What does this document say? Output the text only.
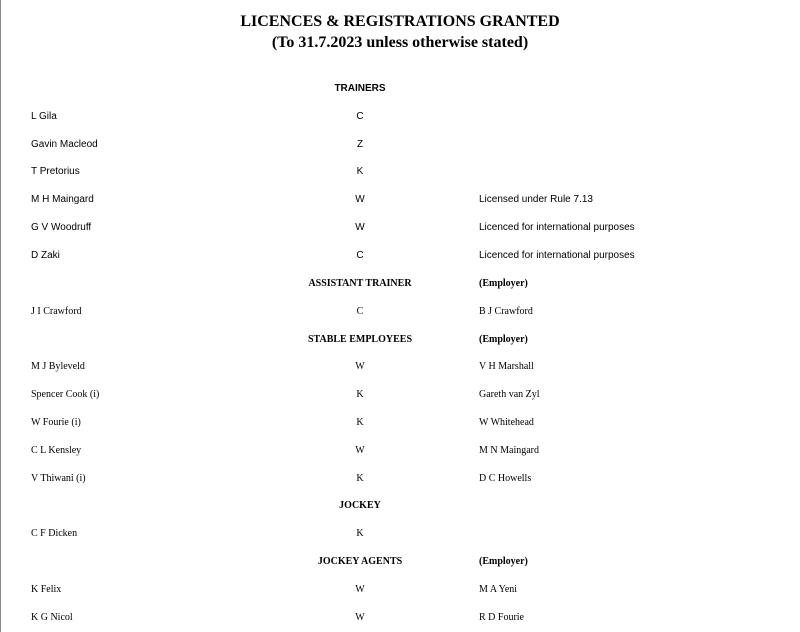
LICENCES & REGISTRATIONS GRANTED
(To 31.7.2023 unless otherwise stated)
TRAINERS
L Gila	C
Gavin Macleod	Z
T Pretorius	K
M H Maingard	W	Licensed under Rule 7.13
G V Woodruff	W	Licenced for international purposes
D Zaki	C	Licenced for international purposes
ASSISTANT TRAINER	(Employer)
J I Crawford	C	B J Crawford
STABLE EMPLOYEES	(Employer)
M J Byleveld	W	V H Marshall
Spencer Cook (i)	K	Gareth van Zyl
W Fourie (i)	K	W Whitehead
C L Kensley	W	M N Maingard
V Thiwani (i)	K	D C Howells
JOCKEY
C F Dicken	K
JOCKEY AGENTS	(Employer)
K Felix	W	M A Yeni
K G Nicol	W	R D Fourie
